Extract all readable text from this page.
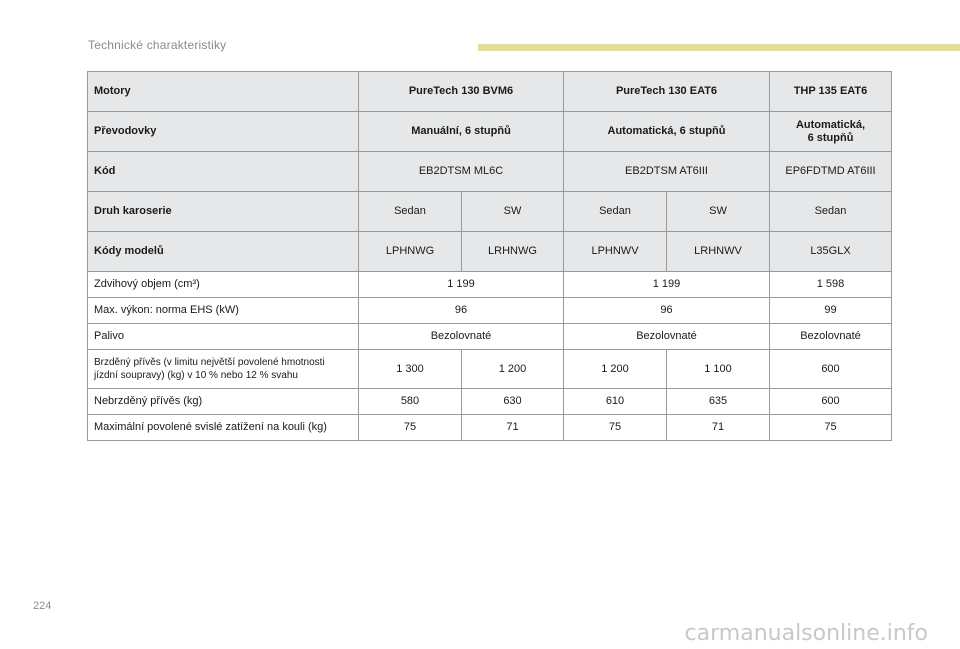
Technické charakteristiky
Motory	PureTech 130 BVM6		PureTech 130 EAT6		THP 135 EAT6
Převodovky	Manuální, 6 stupňů		Automatická, 6 stupňů		Automatická,
6 stupňů
Kód	EB2DTSM ML6C		EB2DTSM AT6III		EP6FDTMD AT6III
Druh karoserie	Sedan	SW	Sedan	SW	Sedan
Kódy modelů	LPHNWG	LRHNWG	LPHNWV	LRHNWV	L35GLX
Zdvihový objem (cm³)	1 199		1 199		1 598
Max. výkon: norma EHS (kW)	96		96		99
Palivo	Bezolovnaté		Bezolovnaté		Bezolovnaté

Brzděný přívěs (v limitu největší povolené hmotnosti
jízdní soupravy) (kg) v 10 % nebo 12 % svahu	1 300	1 200	1 200	1 100	600
Nebrzděný přívěs (kg)	580	630	610	635	600
Maximální povolené svislé zatížení na kouli (kg)	75	71	75	71	75
224
carmanualsonline.info
